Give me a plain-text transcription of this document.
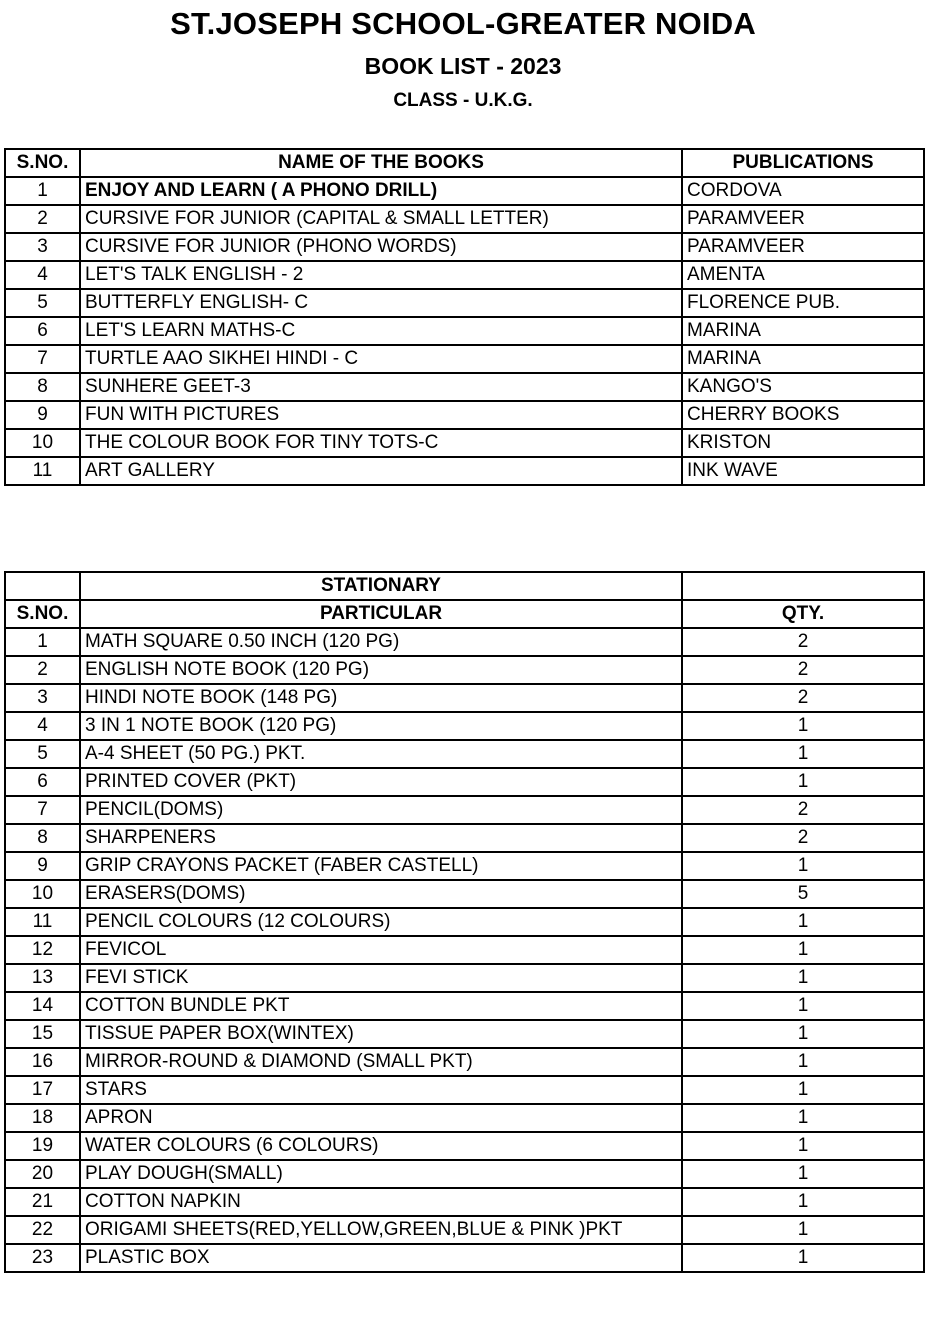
ST.JOSEPH SCHOOL-GREATER NOIDA
BOOK LIST - 2023
CLASS - U.K.G.
S.NO.	NAME OF THE BOOKS	PUBLICATIONS
1	ENJOY AND LEARN ( A PHONO DRILL)	CORDOVA
2	CURSIVE FOR JUNIOR (CAPITAL & SMALL LETTER)	PARAMVEER
3	CURSIVE FOR JUNIOR (PHONO WORDS)	PARAMVEER
4	LET'S TALK ENGLISH - 2	AMENTA
5	BUTTERFLY ENGLISH- C	FLORENCE PUB.
6	LET'S LEARN MATHS-C	MARINA
7	TURTLE AAO SIKHEI HINDI - C	MARINA
8	SUNHERE GEET-3	KANGO'S
9	FUN WITH PICTURES	CHERRY BOOKS
10	THE COLOUR BOOK FOR TINY TOTS-C	KRISTON
11	ART GALLERY	INK WAVE
	STATIONARY	
S.NO.	PARTICULAR	QTY.
1	MATH SQUARE 0.50 INCH (120 PG)	2
2	ENGLISH NOTE BOOK (120 PG)	2
3	HINDI NOTE BOOK (148 PG)	2
4	3 IN 1 NOTE BOOK (120 PG)	1
5	A-4 SHEET (50 PG.) PKT.	1
6	PRINTED COVER (PKT)	1
7	PENCIL(DOMS)	2
8	SHARPENERS	2
9	GRIP CRAYONS PACKET (FABER CASTELL)	1
10	ERASERS(DOMS)	5
11	PENCIL COLOURS (12 COLOURS)	1
12	FEVICOL	1
13	FEVI STICK	1
14	COTTON BUNDLE PKT	1
15	TISSUE PAPER BOX(WINTEX)	1
16	MIRROR-ROUND & DIAMOND (SMALL PKT)	1
17	STARS	1
18	APRON	1
19	WATER COLOURS (6 COLOURS)	1
20	PLAY DOUGH(SMALL)	1
21	COTTON NAPKIN	1
22	ORIGAMI SHEETS(RED,YELLOW,GREEN,BLUE & PINK )PKT	1
23	PLASTIC BOX	1
